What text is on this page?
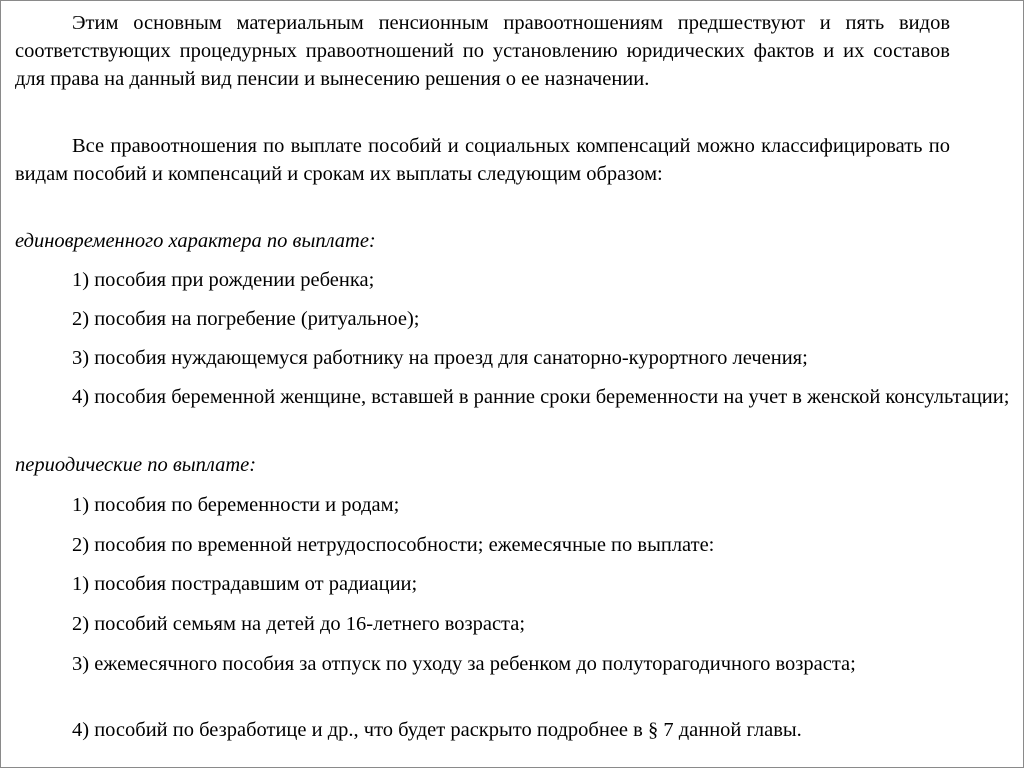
Этим основным материальным пенсионным правоотношениям предшествуют и пять видов соответствующих процедурных правоотношений по установлению юридических фактов и их составов для права на данный вид пенсии и вынесению решения о ее назначении.

Все правоотношения по выплате пособий и социальных компенсаций можно классифицировать по видам пособий и компенсаций и срокам их выплаты следующим образом:

единовременного характера по выплате:

1) пособия при рождении ребенка;

2) пособия на погребение (ритуальное);

3) пособия нуждающемуся работнику на проезд для санаторно-курортного лечения;

4) пособия беременной женщине, вставшей в ранние сроки беременности на учет в женской консультации;

периодические по выплате:

1) пособия по беременности и родам;

2) пособия по временной нетрудоспособности; ежемесячные по выплате:

1) пособия пострадавшим от радиации;

2) пособий семьям на детей до 16-летнего возраста;

3) ежемесячного пособия за отпуск по уходу за ребенком до полуторагодичного возраста;

4) пособий по безработице и др., что будет раскрыто подробнее в § 7 данной главы.
